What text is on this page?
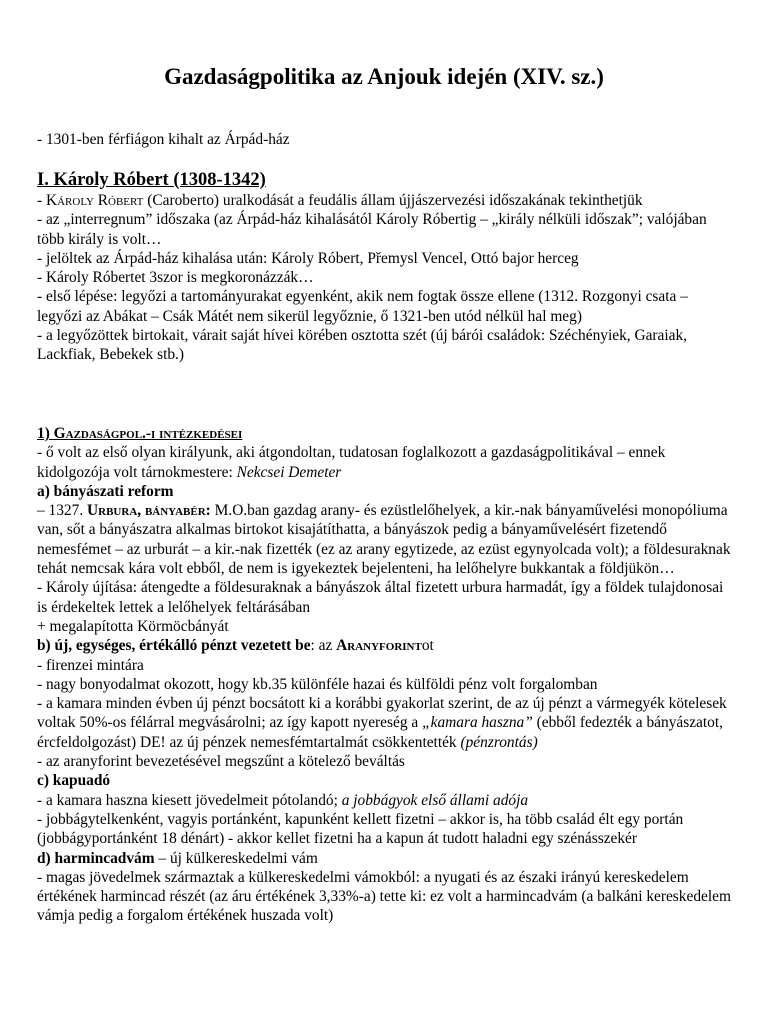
Gazdaságpolitika az Anjouk idején (XIV. sz.)

- 1301-ben férfiágon kihalt az Árpád-ház

I. Károly Róbert (1308-1342)

- Károly Róbert (Caroberto) uralkodását a feudális állam újjászervezési időszakának tekinthetjük

- az „interregnum” időszaka (az Árpád-ház kihalásától Károly Róbertig – „király nélküli időszak”; valójában több király is volt…

- jelöltek az Árpád-ház kihalása után: Károly Róbert, Přemysl Vencel, Ottó bajor herceg

- Károly Róbertet 3szor is megkoronázzák…

- első lépése: legyőzi a tartományurakat egyenként, akik nem fogtak össze ellene (1312. Rozgonyi csata – legyőzi az Abákat – Csák Mátét nem sikerül legyőznie, ő 1321-ben utód nélkül hal meg)

- a legyőzöttek birtokait, várait saját hívei körében osztotta szét (új bárói családok: Széchényiek, Garaiak, Lackfiak, Bebekek stb.)

1) Gazdaságpol.-i intézkedései

- ő volt az első olyan királyunk, aki átgondoltan, tudatosan foglalkozott a gazdaságpolitikával – ennek kidolgozója volt tárnokmestere: Nekcsei Demeter

a) bányászati reform

– 1327. Urbura, bányabér: M.O.ban gazdag arany- és ezüstlelőhelyek, a kir.-nak bányaművelési monopóliuma van, sőt a bányászatra alkalmas birtokot kisajátíthatta, a bányászok pedig a bányaművelésért fizetendő nemesfémet – az urburát – a kir.-nak fizették (ez az arany egytizede, az ezüst egynyolcada volt); a földesuraknak tehát nemcsak kára volt ebből, de nem is igyekeztek bejelenteni, ha lelőhelyre bukkantak a földjükön…

- Károly újítása: átengedte a földesuraknak a bányászok által fizetett urbura harmadát, így a földek tulajdonosai is érdekeltek lettek a lelőhelyek feltárásában

+ megalapította Körmöcbányát

b) új, egységes, értékálló pénzt vezetett be: az Aranyforintot

- firenzei mintára

- nagy bonyodalmat okozott, hogy kb.35 különféle hazai és külföldi pénz volt forgalomban

- a kamara minden évben új pénzt bocsátott ki a korábbi gyakorlat szerint, de az új pénzt a vármegyék kötelesek voltak 50%-os félárral megvásárolni; az így kapott nyereség a „kamara haszna” (ebből fedezték a bányászatot, ércfeldolgozást) DE! az új pénzek nemesfémtartalmát csökkentették (pénzrontás)

- az aranyforint bevezetésével megszűnt a kötelező beváltás

c) kapuadó

- a kamara haszna kiesett jövedelmeit pótolandó; a jobbágyok első állami adója

- jobbágytelkenként, vagyis portánként, kapunként kellett fizetni – akkor is, ha több család élt egy portán (jobbágyportánként 18 dénárt) - akkor kellet fizetni ha a kapun át tudott haladni egy szénásszekér

d) harmincadvám – új külkereskedelmi vám

- magas jövedelmek származtak a külkereskedelmi vámokból: a nyugati és az északi irányú kereskedelem értékének harmincad részét (az áru értékének 3,33%-a) tette ki: ez volt a harmincadvám (a balkáni kereskedelem vámja pedig a forgalom értékének huszada volt)
